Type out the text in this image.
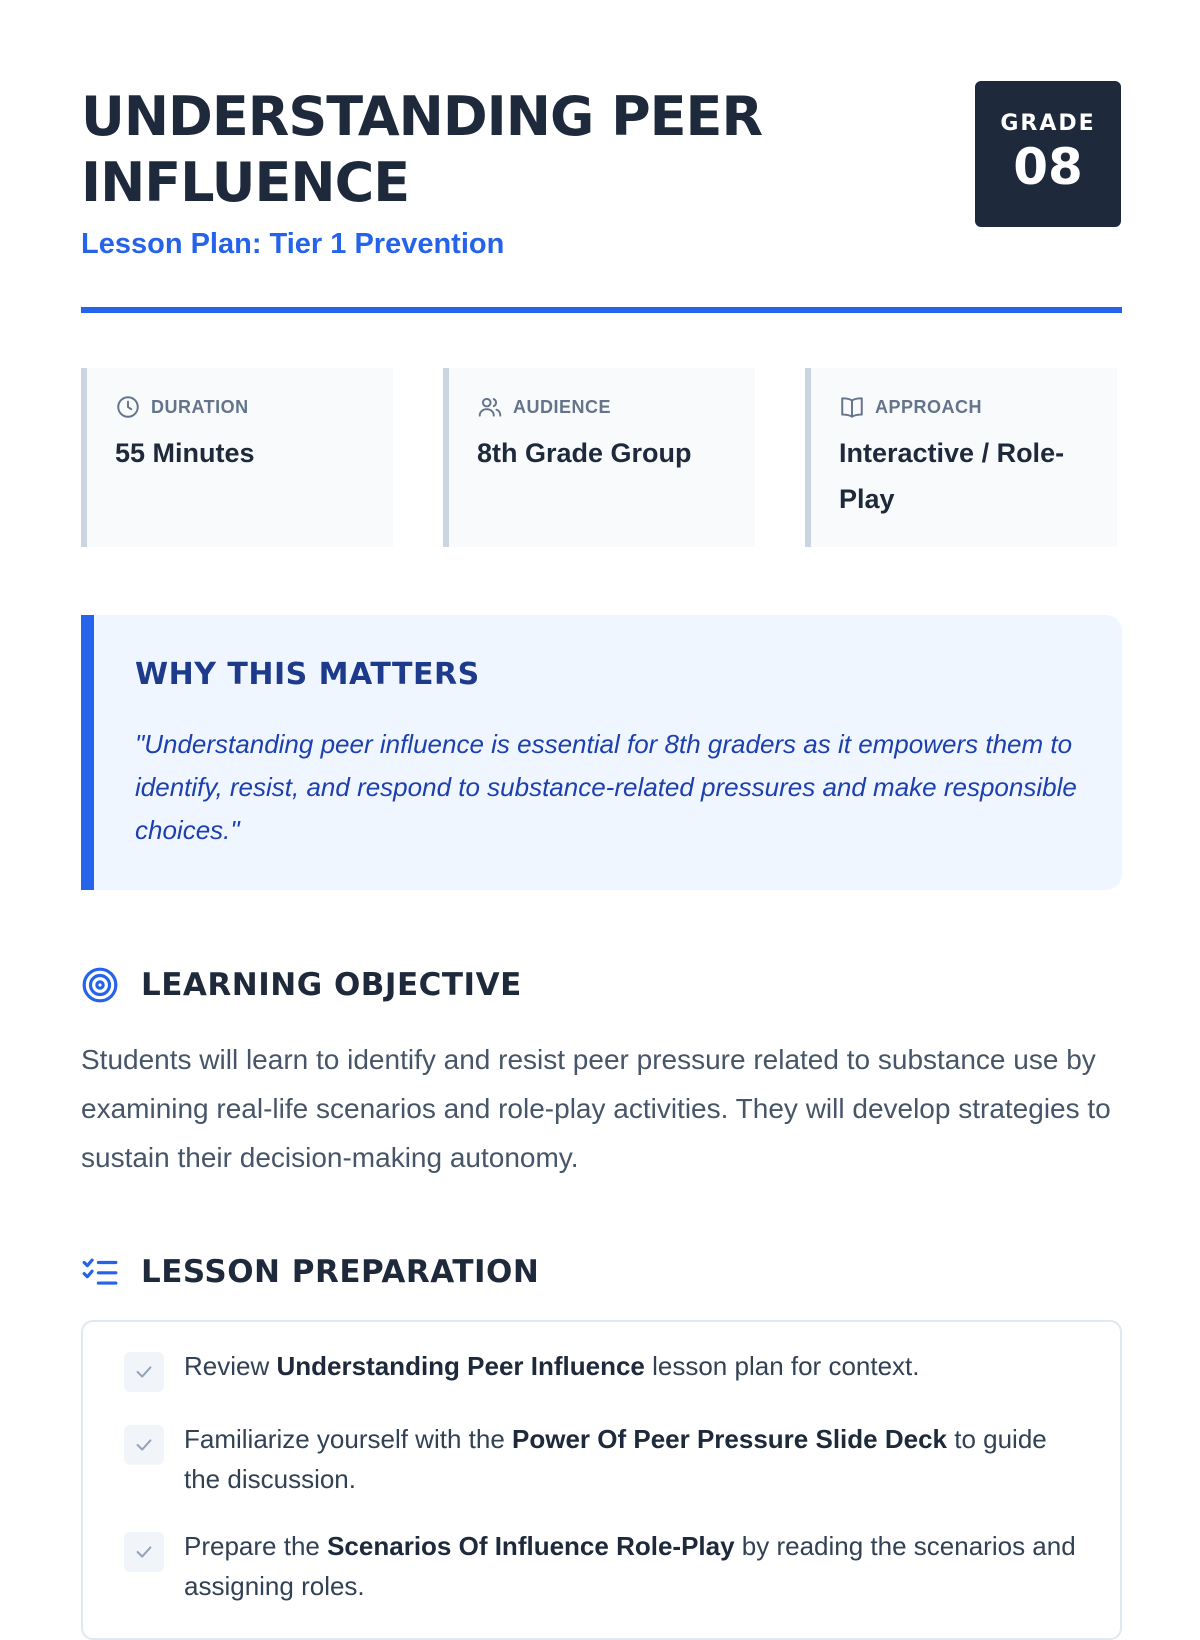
UNDERSTANDING PEER INFLUENCE

Lesson Plan: Tier 1 Prevention

GRADE
08
DURATION
55 Minutes
AUDIENCE
8th Grade Group
APPROACH
Interactive / Role-Play
WHY THIS MATTERS

"Understanding peer influence is essential for 8th graders as it empowers them to identify, resist, and respond to substance-related pressures and make responsible choices."

LEARNING OBJECTIVE

Students will learn to identify and resist peer pressure related to substance use by examining real-life scenarios and role-play activities. They will develop strategies to sustain their decision-making autonomy.

LESSON PREPARATION
Review Understanding Peer Influence lesson plan for context.
Familiarize yourself with the Power Of Peer Pressure Slide Deck to guide the discussion.
Prepare the Scenarios Of Influence Role-Play by reading the scenarios and assigning roles.
